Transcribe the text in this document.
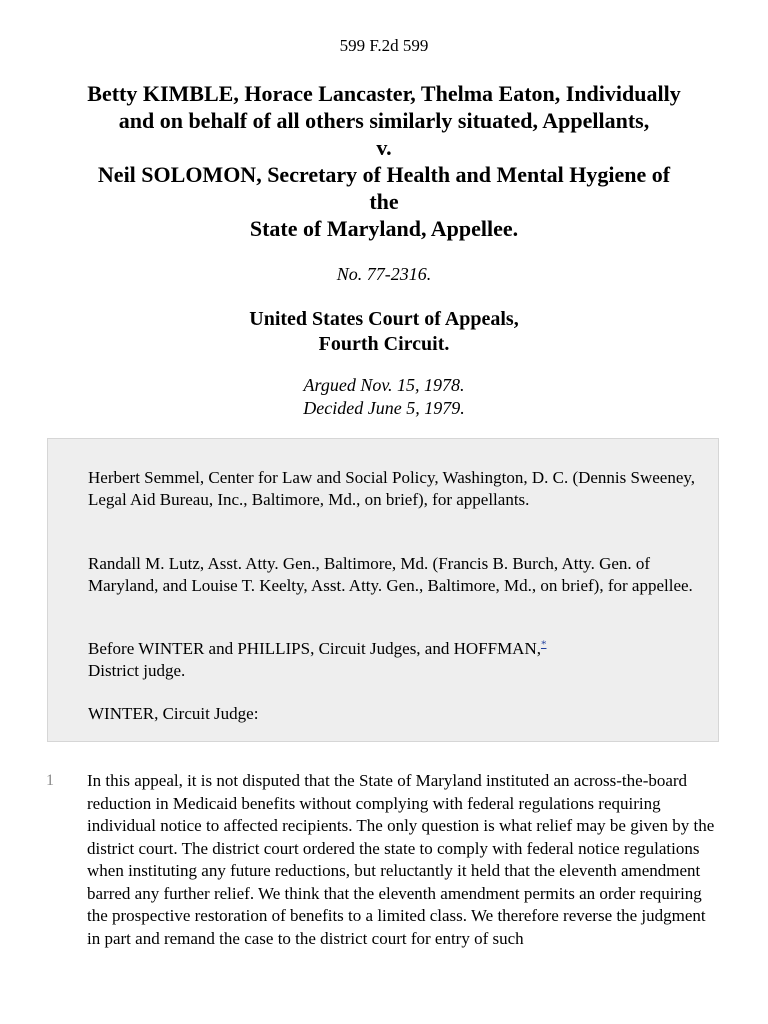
599 F.2d 599
Betty KIMBLE, Horace Lancaster, Thelma Eaton, Individually
and on behalf of all others similarly situated, Appellants,
v.
Neil SOLOMON, Secretary of Health and Mental Hygiene of
the
State of Maryland, Appellee.
No. 77-2316.
United States Court of Appeals,
Fourth Circuit.
Argued Nov. 15, 1978.
Decided June 5, 1979.

Herbert Semmel, Center for Law and Social Policy, Washington, D. C. (Dennis Sweeney, Legal Aid Bureau, Inc., Baltimore, Md., on brief), for appellants.

Randall M. Lutz, Asst. Atty. Gen., Baltimore, Md. (Francis B. Burch, Atty. Gen. of Maryland, and Louise T. Keelty, Asst. Atty. Gen., Baltimore, Md., on brief), for appellee.

Before WINTER and PHILLIPS, Circuit Judges, and HOFFMAN,*
District judge.

WINTER, Circuit Judge:

1 In this appeal, it is not disputed that the State of Maryland instituted an across-the-board reduction in Medicaid benefits without complying with federal regulations requiring individual notice to affected recipients. The only question is what relief may be given by the district court. The district court ordered the state to comply with federal notice regulations when instituting any future reductions, but reluctantly it held that the eleventh amendment barred any further relief. We think that the eleventh amendment permits an order requiring the prospective restoration of benefits to a limited class. We therefore reverse the judgment in part and remand the case to the district court for entry of such
